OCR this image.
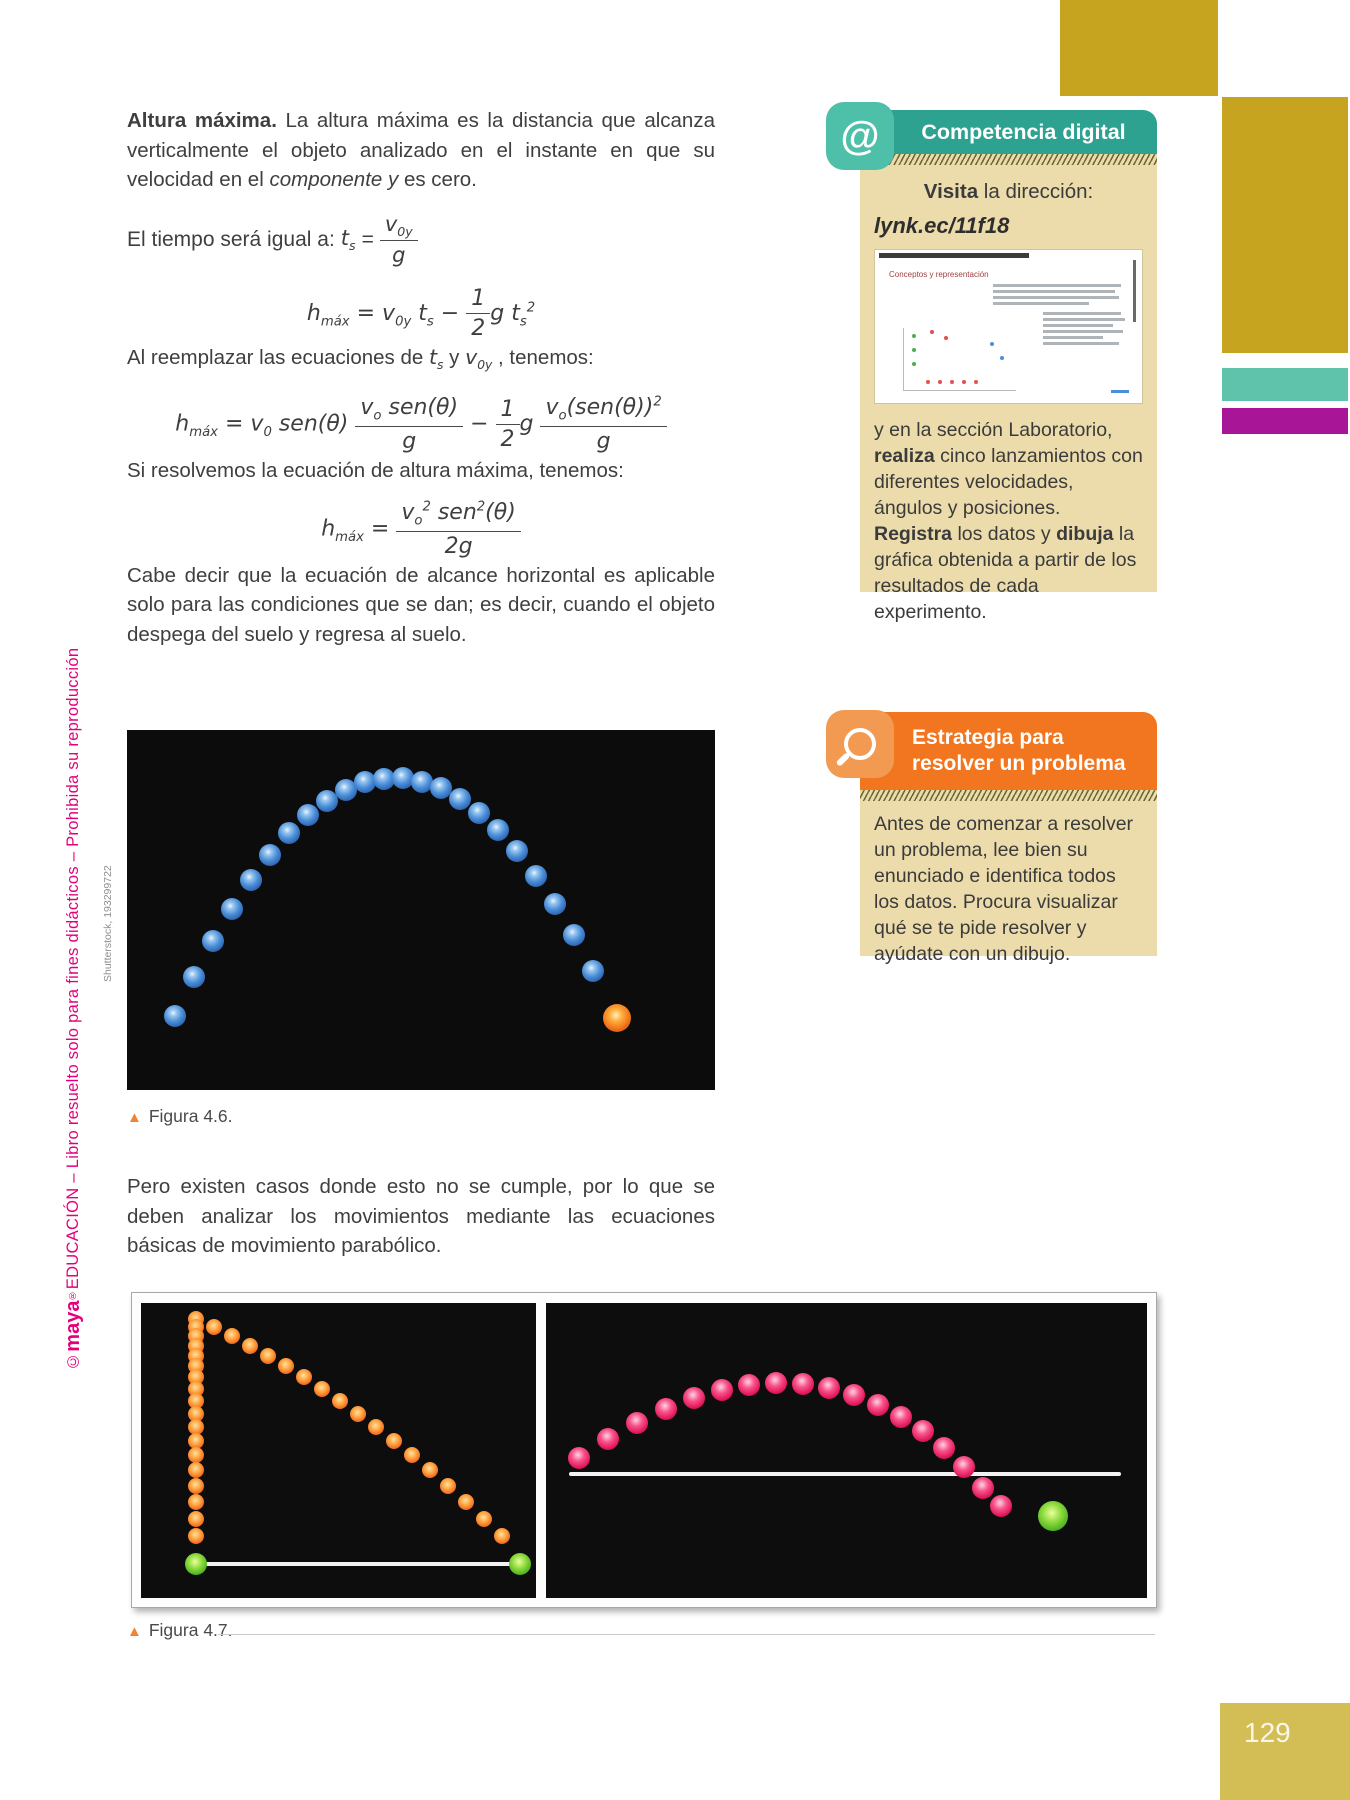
129
©maya®EDUCACIÓN – Libro resuelto solo para fines didácticos – Prohibida su reproducción Shutterstock, 193299722

Altura máxima. La altura máxima es la distancia que alcanza verticalmente el objeto analizado en el instante en que su velocidad en el componente y es cero.

El tiempo será igual a: $t_s = \frac{v_{0y}}{g}$
$h_{máx} = v_{0y}$ $t_s - \frac{1}{2}$ g $t_s^2$

Al reemplazar las ecuaciones de $t_s$ y $v_{0y}$ , tenemos:

$h_{máx} = v_0$ $sen(\theta) \frac{v_o sen(\theta)}{g} - \frac{1}{2}$ g $\frac{v_o(sen(\theta))^2}{g}$

Si resolvemos la ecuación de altura máxima, tenemos:

$h_{máx} = \frac{v_o^2 sen^2(\theta)}{2g}$

Cabe decir que la ecuación de alcance horizontal es aplicable solo para las condiciones que se dan; es decir, cuando el objeto despega del suelo y regresa al suelo.

▲ Figura 4.6.

Pero existen casos donde esto no se cumple, por lo que se deben analizar los movimientos mediante las ecuaciones básicas de movimiento parabólico.

▲ Figura 4.7.
@	Competencia digital
Visita la dirección:
lynk.ec/11f18
Conceptos y representación
y en la sección Laboratorio, realiza cinco lanzamientos con diferentes velocidades, ángulos y posiciones. Registra los datos y dibuja la gráfica obtenida a partir de los resultados de cada experimento.
Estrategia para
resolver un problema
Antes de comenzar a resolver un problema, lee bien su enunciado e identifica todos los datos. Procura visualizar qué se te pide resolver y ayúdate con un dibujo.
